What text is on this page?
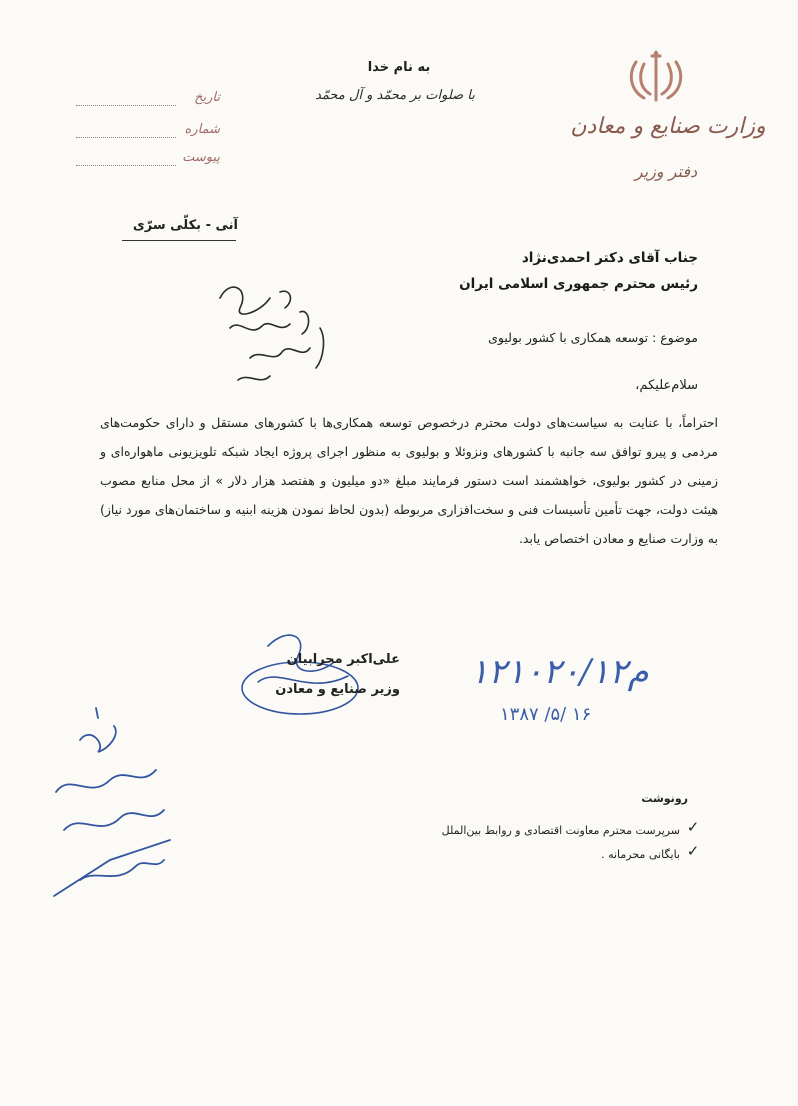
وزارت صنایع و معادن
دفتر وزیر
به نام خدا
با صلوات بر محمّد و آل محمّد
تاریخ
شماره
پیوست
آنی - بکلّی سرّی
جناب آقای دکتر احمدی‌نژاد
رئیس محترم جمهوری اسلامی ایران
موضوع : توسعه همکاری با کشور بولیوی
سلام‌علیکم،
احتراماً، با عنایت به سیاست‌های دولت محترم درخصوص توسعه همکاری‌ها با کشورهای مستقل و دارای حکومت‌های مردمی و پیرو توافق سه جانبه با کشورهای ونزوئلا و بولیوی به منظور اجرای پروژه ایجاد شبکه تلویزیونی ماهواره‌ای و زمینی در کشور بولیوی، خواهشمند است دستور فرمایند مبلغ «دو میلیون و هفتصد هزار دلار » از محل منابع مصوب هیئت دولت، جهت تأمین تأسیسات فنی و سخت‌افزاری مربوطه (بدون لحاظ نمودن هزینه ابنیه و ساختمان‌های مورد نیاز) به وزارت صنایع و معادن اختصاص یابد.
علی‌اکبر محرابیان
وزیر صنایع و معادن	م۱۲۱۰۲۰/۱۲
۱۳۸۷ /۵/ ۱۶
رونوشت
✓
سرپرست محترم معاونت اقتصادی و روابط بین‌الملل
✓
بایگانی محرمانه .
